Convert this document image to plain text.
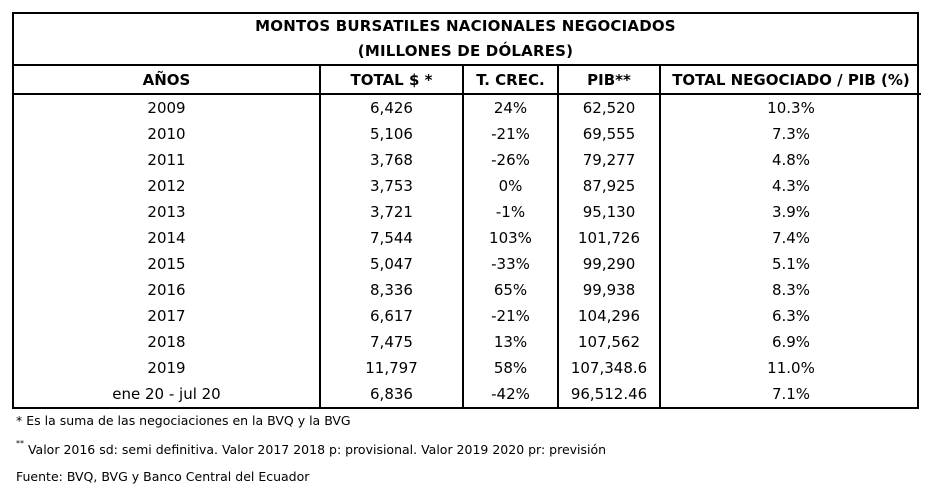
MONTOS BURSATILES NACIONALES NEGOCIADOS
(MILLONES DE DÓLARES)
AÑOS	TOTAL $ *	T. CREC.	PIB**	TOTAL NEGOCIADO / PIB (%)
2009	6,426	24%	62,520	10.3%
2010	5,106	-21%	69,555	7.3%
2011	3,768	-26%	79,277	4.8%
2012	3,753	0%	87,925	4.3%
2013	3,721	-1%	95,130	3.9%
2014	7,544	103%	101,726	7.4%
2015	5,047	-33%	99,290	5.1%
2016	8,336	65%	99,938	8.3%
2017	6,617	-21%	104,296	6.3%
2018	7,475	13%	107,562	6.9%
2019	11,797	58%	107,348.6	11.0%
ene 20 - jul 20	6,836	-42%	96,512.46	7.1%
* Es la suma de las negociaciones en la BVQ y la BVG
** Valor 2016 sd: semi definitiva. Valor 2017 2018 p: provisional. Valor 2019 2020 pr: previsión
Fuente: BVQ, BVG y Banco Central del Ecuador
